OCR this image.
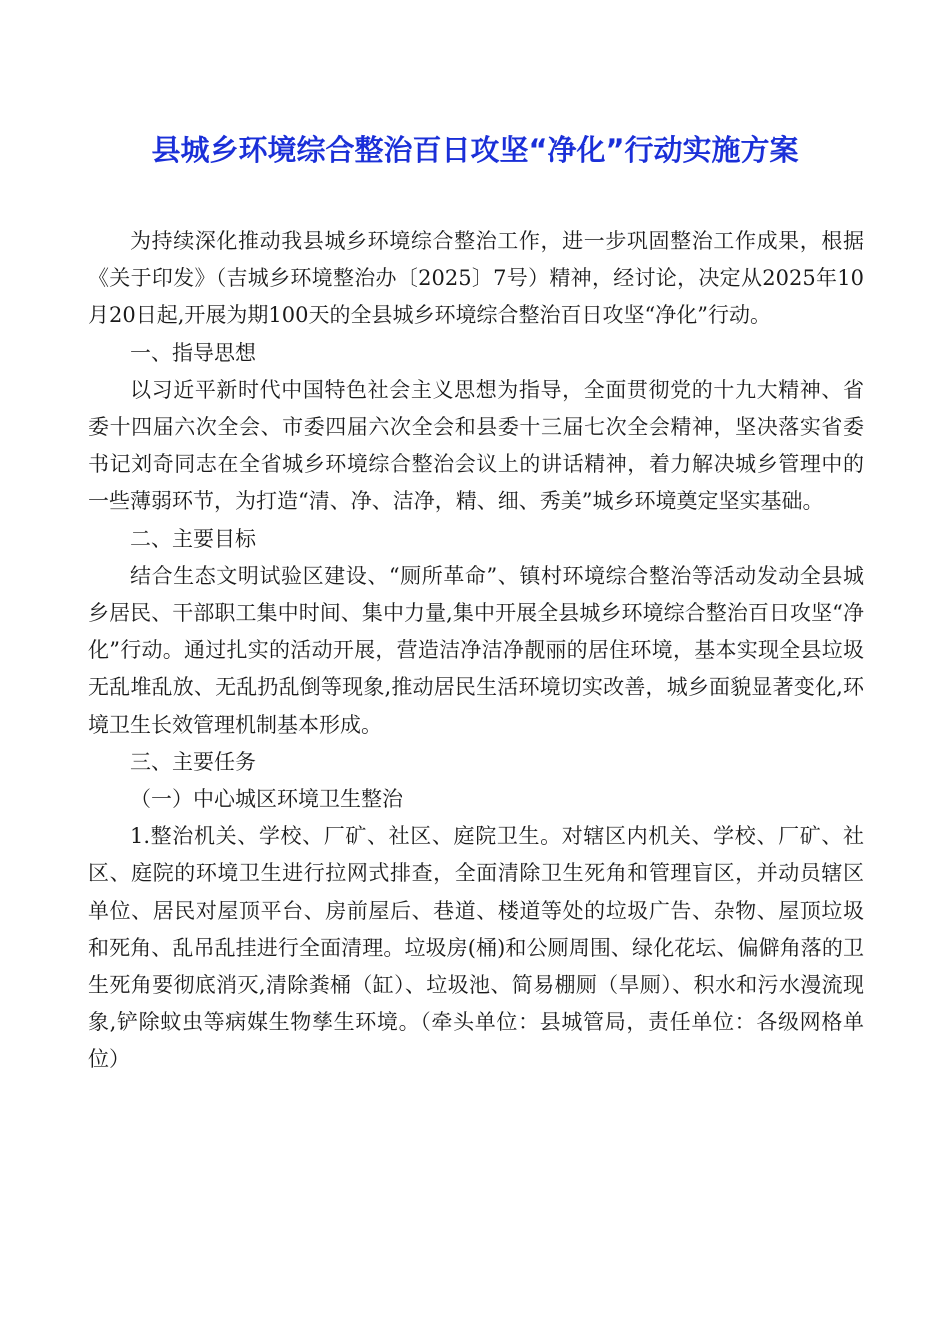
县城乡环境综合整治百日攻坚“净化”行动实施方案

为持续深化推动我县城乡环境综合整治工作，进一步巩固整治工作成果，根据《关于印发》（吉城乡环境整治办〔2025〕7号）精神，经讨论，决定从2025年10月20日起,开展为期100天的全县城乡环境综合整治百日攻坚“净化”行动。

一、指导思想

以习近平新时代中国特色社会主义思想为指导，全面贯彻党的十九大精神、省委十四届六次全会、市委四届六次全会和县委十三届七次全会精神，坚决落实省委书记刘奇同志在全省城乡环境综合整治会议上的讲话精神，着力解决城乡管理中的一些薄弱环节，为打造“清、净、洁净，精、细、秀美”城乡环境奠定坚实基础。

二、主要目标

结合生态文明试验区建设、“厕所革命”、镇村环境综合整治等活动发动全县城乡居民、干部职工集中时间、集中力量,集中开展全县城乡环境综合整治百日攻坚“净化”行动。通过扎实的活动开展，营造洁净洁净靓丽的居住环境，基本实现全县垃圾无乱堆乱放、无乱扔乱倒等现象,推动居民生活环境切实改善，城乡面貌显著变化,环境卫生长效管理机制基本形成。

三、主要任务

（一）中心城区环境卫生整治

1.整治机关、学校、厂矿、社区、庭院卫生。对辖区内机关、学校、厂矿、社区、庭院的环境卫生进行拉网式排查，全面清除卫生死角和管理盲区，并动员辖区单位、居民对屋顶平台、房前屋后、巷道、楼道等处的垃圾广告、杂物、屋顶垃圾和死角、乱吊乱挂进行全面清理。垃圾房(桶)和公厕周围、绿化花坛、偏僻角落的卫生死角要彻底消灭,清除粪桶（缸）、垃圾池、简易棚厕（旱厕）、积水和污水漫流现象,铲除蚊虫等病媒生物孳生环境。（牵头单位：县城管局，责任单位：各级网格单位）
